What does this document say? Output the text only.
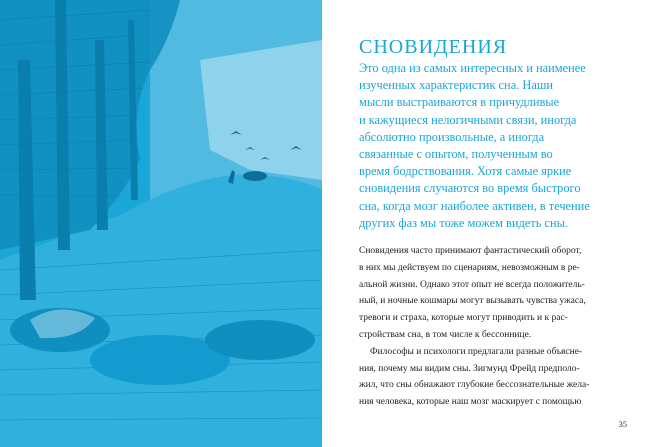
СНОВИДЕНИЯ
Это одна из самых интересных и наименее
изученных характеристик сна. Наши
мысли выстраиваются в причудливые
и кажущиеся нелогичными связи, иногда
абсолютно произвольные, а иногда
связанные с опытом, полученным во
время бодрствования. Хотя самые яркие
сновидения случаются во время быстрого
сна, когда мозг наиболее активен, в течение
других фаз мы тоже можем видеть сны.
Сновидения часто принимают фантастический оборот,
в них мы действуем по сценариям, невозможным в ре-
альной жизни. Однако этот опыт не всегда положитель-
ный, и ночные кошмары могут вызывать чувства ужаса,
тревоги и страха, которые могут приводить и к рас-
стройствам сна, в том числе к бессоннице.
Философы и психологи предлагали разные объясне-
ния, почему мы видим сны. Зигмунд Фрейд предполо-
жил, что сны обнажают глубокие бессознательные жела-
ния человека, которые наш мозг маскирует с помощью
35
